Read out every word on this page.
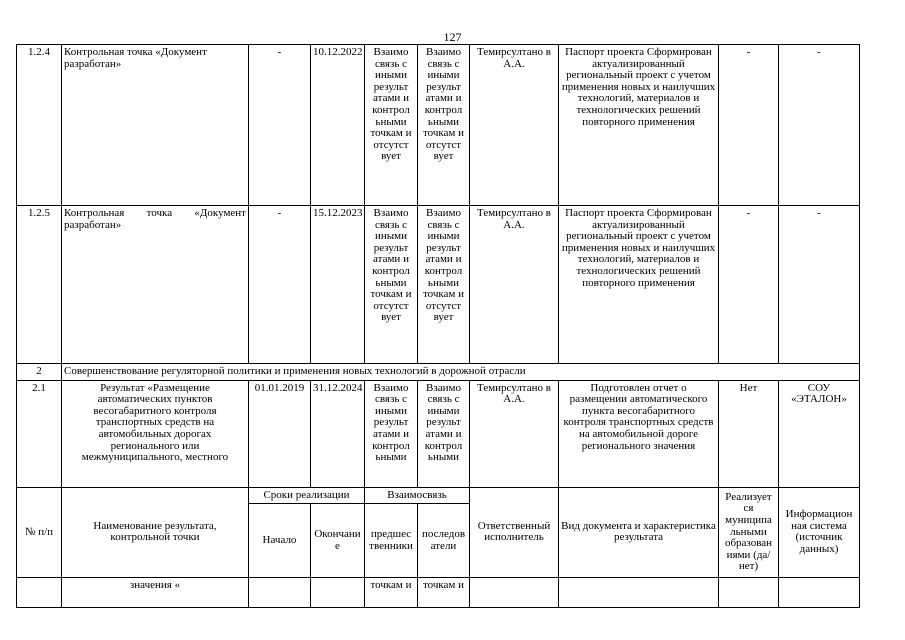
127
1.2.4	Контрольная точка «Документ разработан»	-	10.12.2022	Взаимо связь с иными результ атами и контрол ьными точкам и отсутст вует	Взаимо связь с иными результ атами и контрол ьными точкам и отсутст вует	Темирсултано в А.А.	Паспорт проекта Сформирован актуализированный региональный проект с учетом применения новых и наилучших технологий, материалов и технологических решений повторного применения	-	-
1.2.5	Контрольная точка «Документ разработан»	-	15.12.2023	Взаимо связь с иными результ атами и контрол ьными точкам и отсутст вует	Взаимо связь с иными результ атами и контрол ьными точкам и отсутст вует	Темирсултано в А.А.	Паспорт проекта Сформирован актуализированный региональный проект с учетом применения новых и наилучших технологий, материалов и технологических решений повторного применения	-	-
2	Совершенствование регуляторной политики и применения новых технологий в дорожной отрасли								
2.1	Результат «Размещение автоматических пунктов весогабаритного контроля транспортных средств на автомобильных дорогах регионального или межмуниципального, местного	01.01.2019	31.12.2024	Взаимо связь с иными результ атами и контрол ьными	Взаимо связь с иными результ атами и контрол ьными	Темирсултано в А.А.	Подготовлен отчет о размещении автоматического пункта весогабаритного контроля транспортных средств на автомобильной дороге регионального значения	Нет	СОУ «ЭТАЛОН»
№ п/п	Наименование результата, контрольной точки	Сроки реализации		Взаимосвязь		Ответственный исполнитель	Вид документа и характеристика результата	Реализует ся муниципа льными образован иями (да/нет)	Информацион ная система (источник данных)
		Начало	Окончани е	предшес твенники	последов атели				
	значения «			точкам и	точкам и				
